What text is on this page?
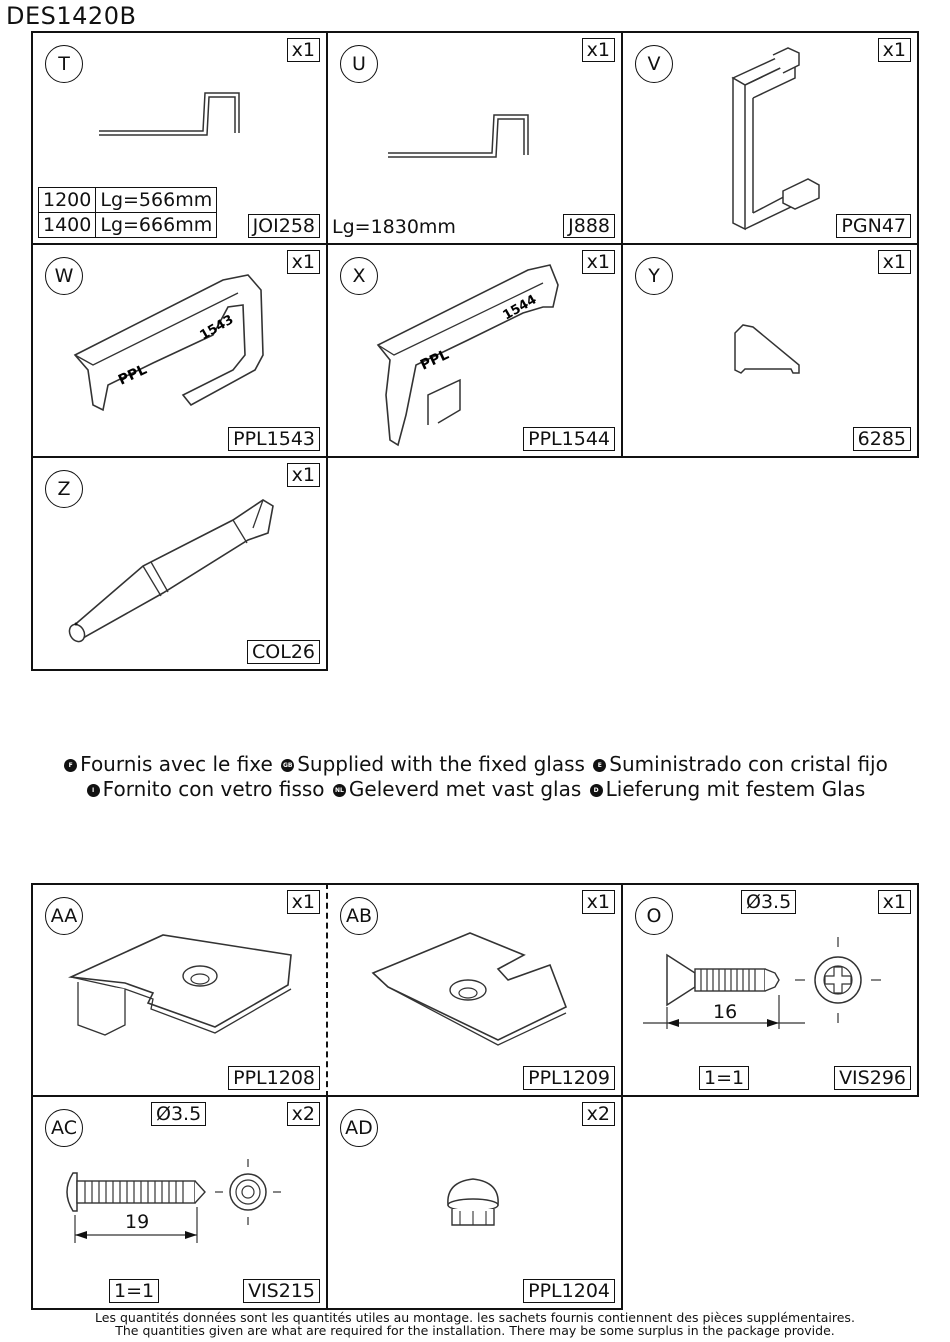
DES1420B
T
x1
1200	Lg=566mm
1400	Lg=666mm JOI258
U
x1
Lg=1830mm	J888
V
x1
PGN47
W
x1
PPL
1543
PPL1543
X
x1
PPL
1544
PPL1544
Y
x1
6285
Z
x1
COL26
F Fournis avec le fixe GB Supplied with the fixed glass E Suministrado con cristal fijo
I Fornito con vetro fisso NL Geleverd met vast glas D Lieferung mit festem Glas
AA
x1
PPL1208
AB
x1
PPL1209
O
Ø3.5	x1
16
1=1	VIS296
AC
Ø3.5	x2
19
1=1	VIS215
AD
x2
PPL1204
Les quantités données sont les quantités utiles au montage. les sachets fournis contiennent des pièces supplémentaires.
The quantities given are what are required for the installation. There may be some surplus in the package provide.
